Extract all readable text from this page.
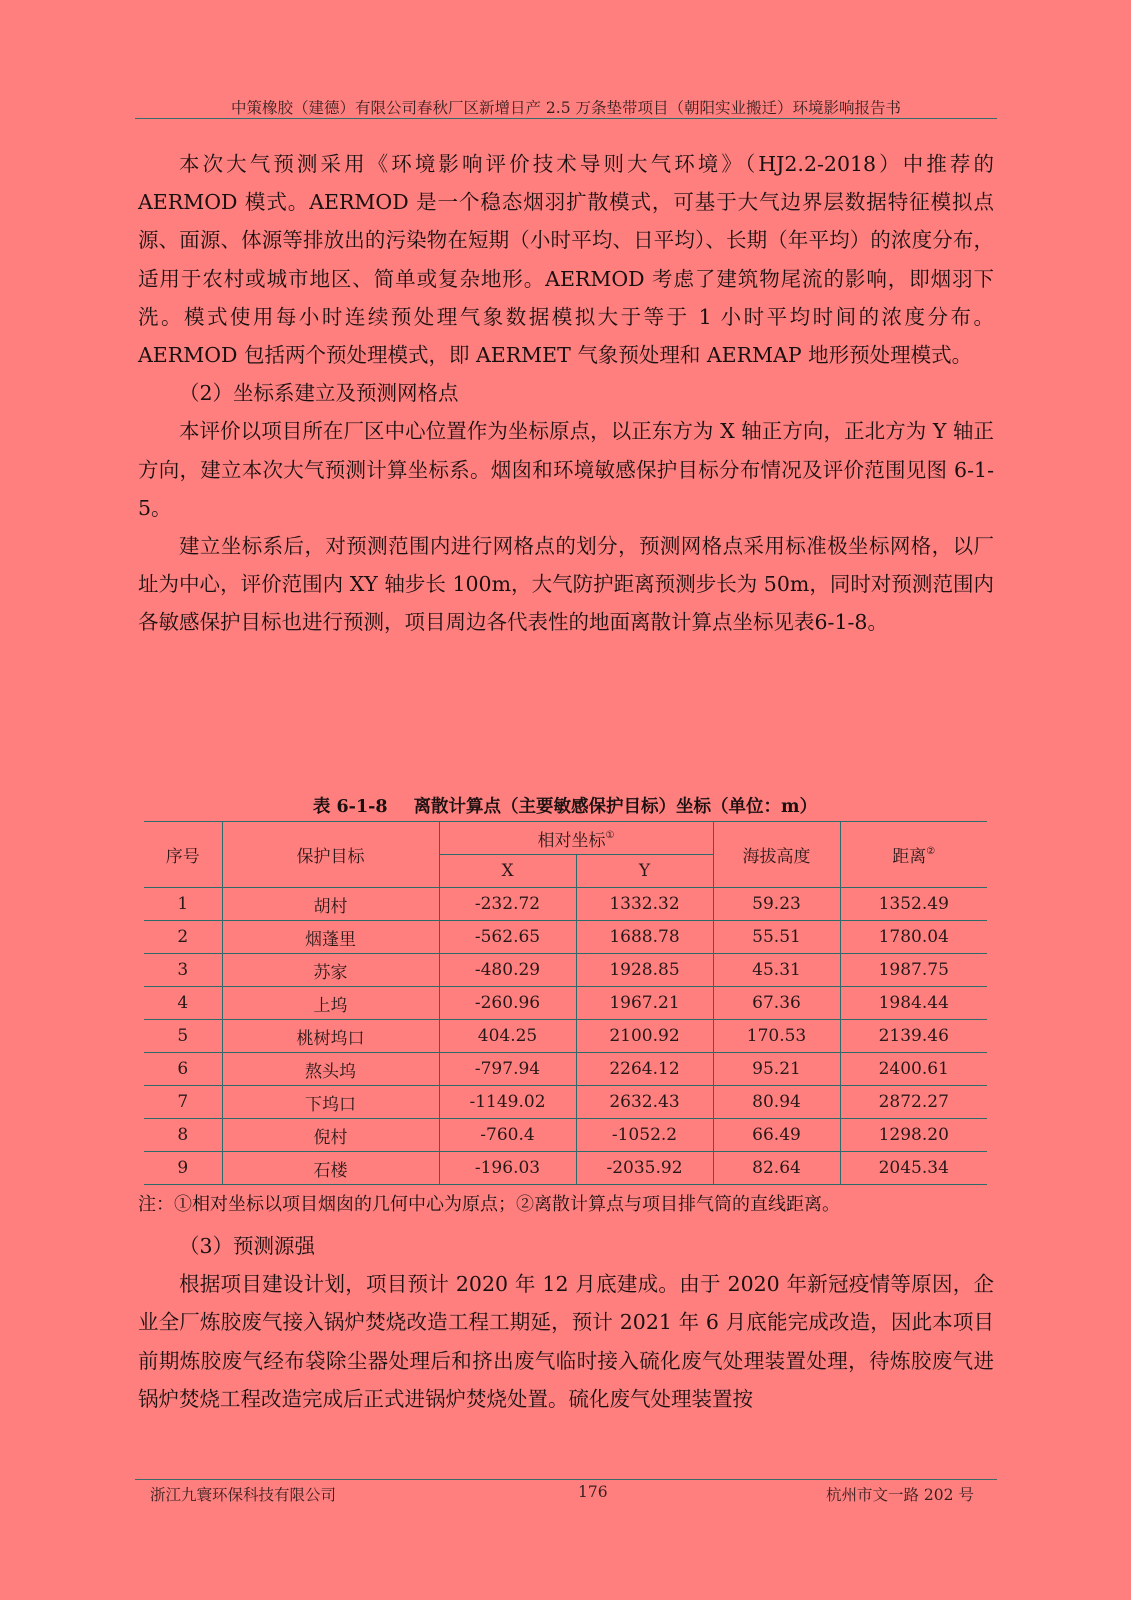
中策橡胶（建德）有限公司春秋厂区新增日产 2.5 万条垫带项目（朝阳实业搬迁）环境影响报告书

本次大气预测采用《环境影响评价技术导则大气环境》（HJ2.2-2018）中推荐的AERMOD 模式。AERMOD 是一个稳态烟羽扩散模式，可基于大气边界层数据特征模拟点源、面源、体源等排放出的污染物在短期（小时平均、日平均）、长期（年平均）的浓度分布，适用于农村或城市地区、简单或复杂地形。AERMOD 考虑了建筑物尾流的影响，即烟羽下洗。模式使用每小时连续预处理气象数据模拟大于等于 1 小时平均时间的浓度分布。AERMOD 包括两个预处理模式，即 AERMET 气象预处理和 AERMAP 地形预处理模式。

（2）坐标系建立及预测网格点

本评价以项目所在厂区中心位置作为坐标原点，以正东方为 X 轴正方向，正北方为 Y 轴正方向，建立本次大气预测计算坐标系。烟囱和环境敏感保护目标分布情况及评价范围见图 6-1-5。

建立坐标系后，对预测范围内进行网格点的划分，预测网格点采用标准极坐标网格，以厂址为中心，评价范围内 XY 轴步长 100m，大气防护距离预测步长为 50m，同时对预测范围内各敏感保护目标也进行预测，项目周边各代表性的地面离散计算点坐标见表6-1-8。

表 6-1-8 离散计算点（主要敏感保护目标）坐标（单位：m）
序号	保护目标	相对坐标①		海拔高度	距离②
		X	Y		
1	胡村	-232.72	1332.32	59.23	1352.49
2	烟蓬里	-562.65	1688.78	55.51	1780.04
3	苏家	-480.29	1928.85	45.31	1987.75
4	上坞	-260.96	1967.21	67.36	1984.44
5	桃树坞口	404.25	2100.92	170.53	2139.46
6	熬头坞	-797.94	2264.12	95.21	2400.61
7	下坞口	-1149.02	2632.43	80.94	2872.27
8	倪村	-760.4	-1052.2	66.49	1298.20
9	石楼	-196.03	-2035.92	82.64	2045.34
注：①相对坐标以项目烟囱的几何中心为原点；②离散计算点与项目排气筒的直线距离。

（3）预测源强

根据项目建设计划，项目预计 2020 年 12 月底建成。由于 2020 年新冠疫情等原因，企业全厂炼胶废气接入锅炉焚烧改造工程工期延，预计 2021 年 6 月底能完成改造，因此本项目前期炼胶废气经布袋除尘器处理后和挤出废气临时接入硫化废气处理装置处理，待炼胶废气进锅炉焚烧工程改造完成后正式进锅炉焚烧处置。硫化废气处理装置按

浙江九寰环保科技有限公司	176	杭州市文一路 202 号
